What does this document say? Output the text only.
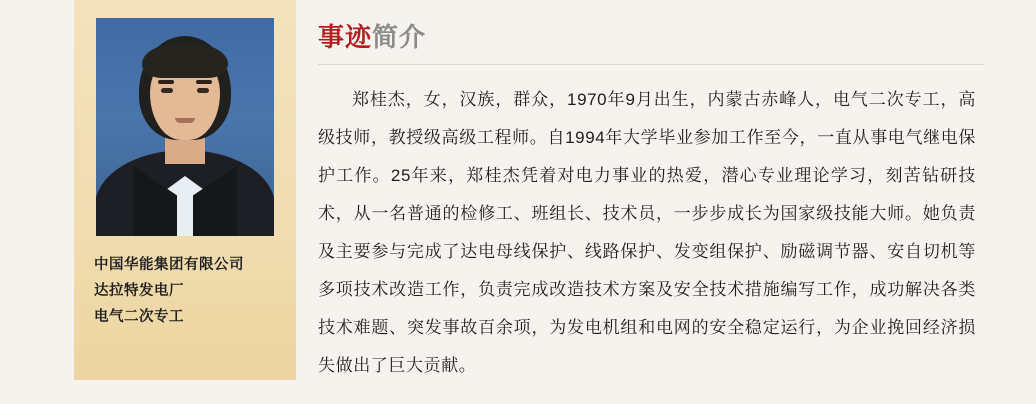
中国华能集团有限公司
达拉特发电厂
电气二次专工
事迹 简介
郑桂杰，女，汉族，群众，1970年9月出生，内蒙古赤峰人，电气二次专工，高级技师，教授级高级工程师。自1994年大学毕业参加工作至今，一直从事电气继电保护工作。25年来，郑桂杰凭着对电力事业的热爱，潜心专业理论学习，刻苦钻研技术，从一名普通的检修工、班组长、技术员，一步步成长为国家级技能大师。她负责及主要参与完成了达电母线保护、线路保护、发变组保护、励磁调节器、安自切机等多项技术改造工作，负责完成改造技术方案及安全技术措施编写工作，成功解决各类技术难题、突发事故百余项，为发电机组和电网的安全稳定运行，为企业挽回经济损失做出了巨大贡献。
